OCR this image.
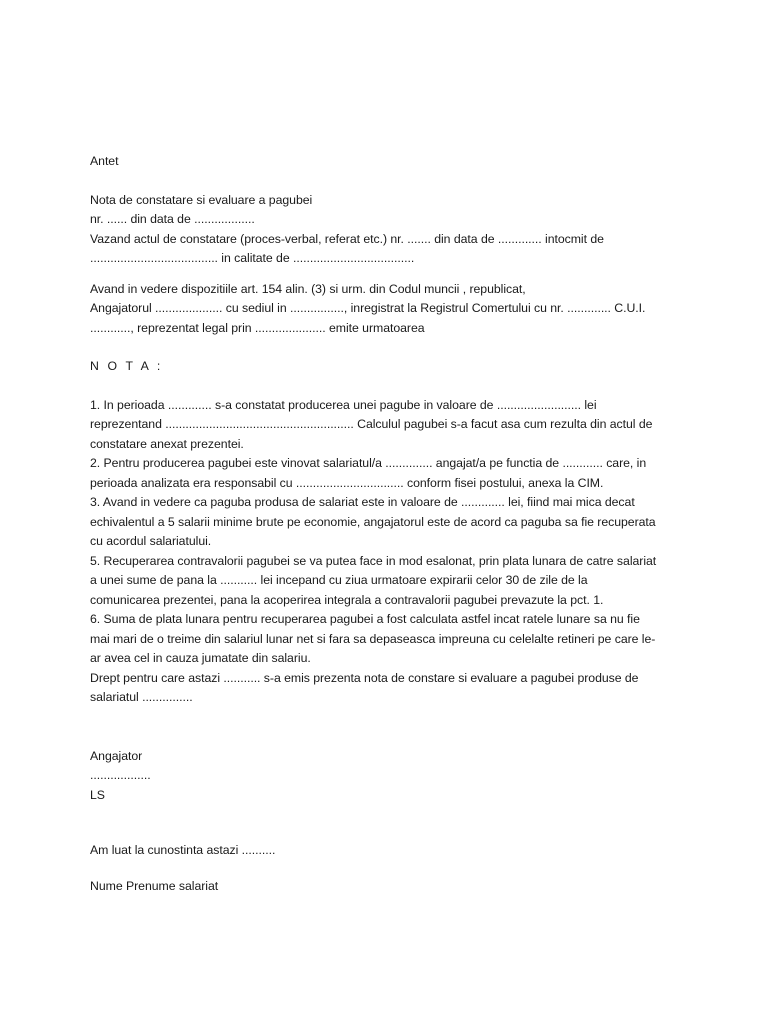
Antet
Nota de constatare si evaluare a pagubei
nr. ...... din data de ..................
Vazand actul de constatare (proces-verbal, referat etc.) nr. ....... din data de ............. intocmit de
...................................... in calitate de ....................................
Avand in vedere dispozitiile art. 154 alin. (3) si urm. din Codul muncii , republicat,
Angajatorul .................... cu sediul in ................, inregistrat la Registrul Comertului cu nr. ............. C.U.I.
............, reprezentat legal prin ..................... emite urmatoarea
N O T A :
1. In perioada ............. s-a constatat producerea unei pagube in valoare de ......................... lei
reprezentand ........................................................ Calculul pagubei s-a facut asa cum rezulta din actul de
constatare anexat prezentei.
2. Pentru producerea pagubei este vinovat salariatul/a .............. angajat/a pe functia de ............ care, in
perioada analizata era responsabil cu ................................ conform fisei postului, anexa la CIM.
3. Avand in vedere ca paguba produsa de salariat este in valoare de ............. lei, fiind mai mica decat
echivalentul a 5 salarii minime brute pe economie, angajatorul este de acord ca paguba sa fie recuperata
cu acordul salariatului.
5. Recuperarea contravalorii pagubei se va putea face in mod esalonat, prin plata lunara de catre salariat
a unei sume de pana la ........... lei incepand cu ziua urmatoare expirarii celor 30 de zile de la
comunicarea prezentei, pana la acoperirea integrala a contravalorii pagubei prevazute la pct. 1.
6. Suma de plata lunara pentru recuperarea pagubei a fost calculata astfel incat ratele lunare sa nu fie
mai mari de o treime din salariul lunar net si fara sa depaseasca impreuna cu celelalte retineri pe care le-
ar avea cel in cauza jumatate din salariu.
Drept pentru care astazi ........... s-a emis prezenta nota de constare si evaluare a pagubei produse de
salariatul ...............
Angajator
..................
LS
Am luat la cunostinta astazi ..........
Nume Prenume salariat
